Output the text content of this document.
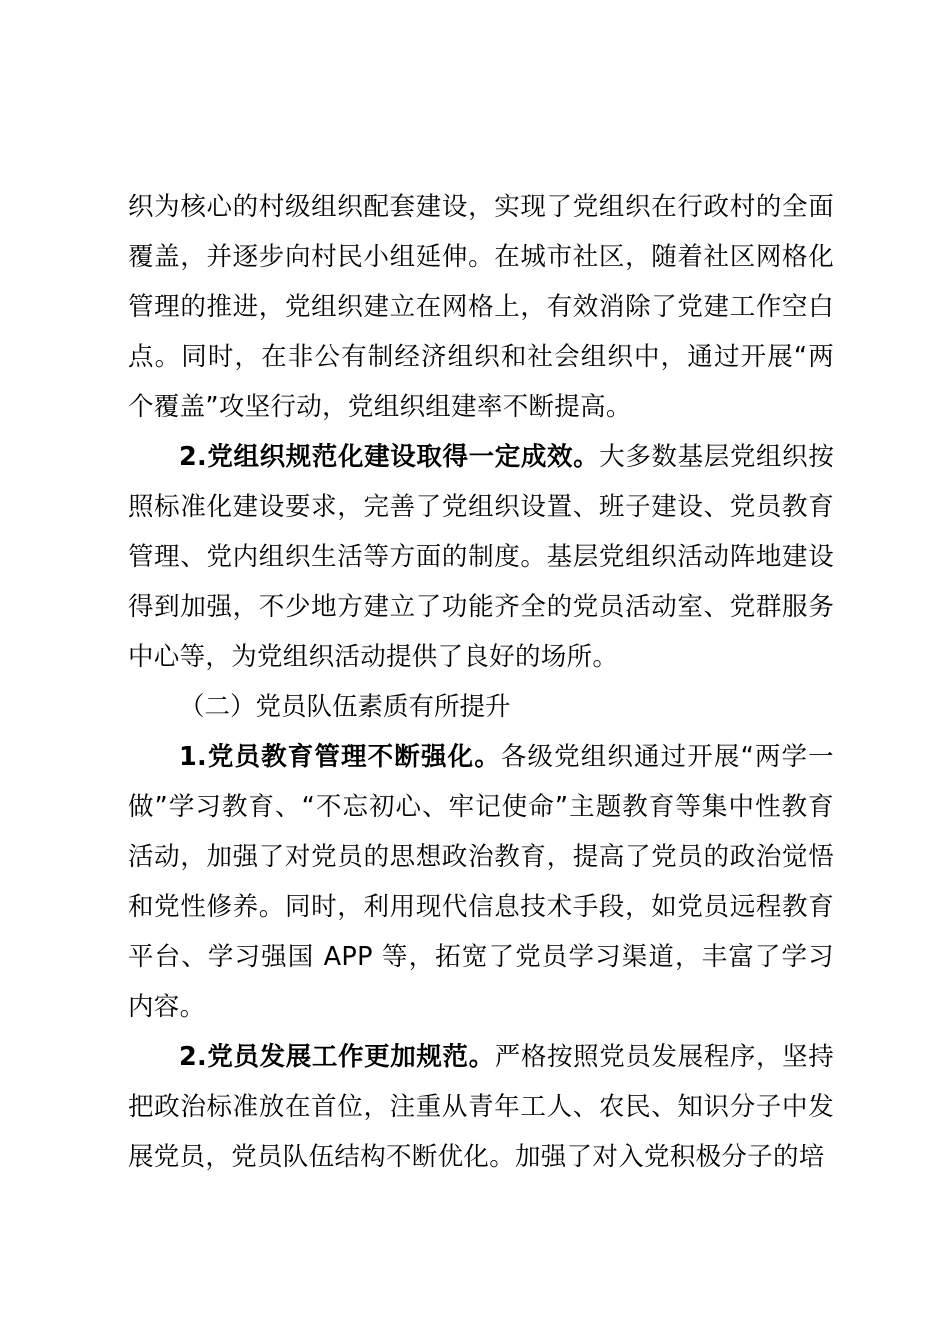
织为核心的村级组织配套建设，实现了党组织在行政村的全面覆盖，并逐步向村民小组延伸。在城市社区，随着社区网格化管理的推进，党组织建立在网格上，有效消除了党建工作空白点。同时，在非公有制经济组织和社会组织中，通过开展“两个覆盖”攻坚行动，党组织组建率不断提高。

2.党组织规范化建设取得一定成效。大多数基层党组织按照标准化建设要求，完善了党组织设置、班子建设、党员教育管理、党内组织生活等方面的制度。基层党组织活动阵地建设得到加强，不少地方建立了功能齐全的党员活动室、党群服务中心等，为党组织活动提供了良好的场所。

（二）党员队伍素质有所提升

1.党员教育管理不断强化。各级党组织通过开展“两学一做”学习教育、“不忘初心、牢记使命”主题教育等集中性教育活动，加强了对党员的思想政治教育，提高了党员的政治觉悟和党性修养。同时，利用现代信息技术手段，如党员远程教育平台、学习强国 APP 等，拓宽了党员学习渠道，丰富了学习内容。

2.党员发展工作更加规范。严格按照党员发展程序，坚持把政治标准放在首位，注重从青年工人、农民、知识分子中发展党员，党员队伍结构不断优化。加强了对入党积极分子的培
